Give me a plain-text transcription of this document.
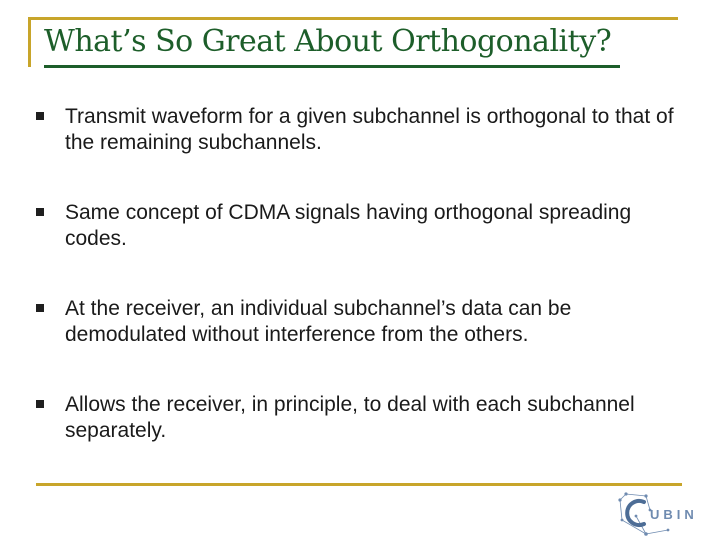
What’s So Great About Orthogonality?
Transmit waveform for a given subchannel is orthogonal to that of the remaining subchannels.
Same concept of CDMA signals having orthogonal spreading codes.
At the receiver, an individual subchannel’s data can be demodulated without interference from the others.
Allows the receiver, in principle, to deal with each subchannel separately.
UBIN
